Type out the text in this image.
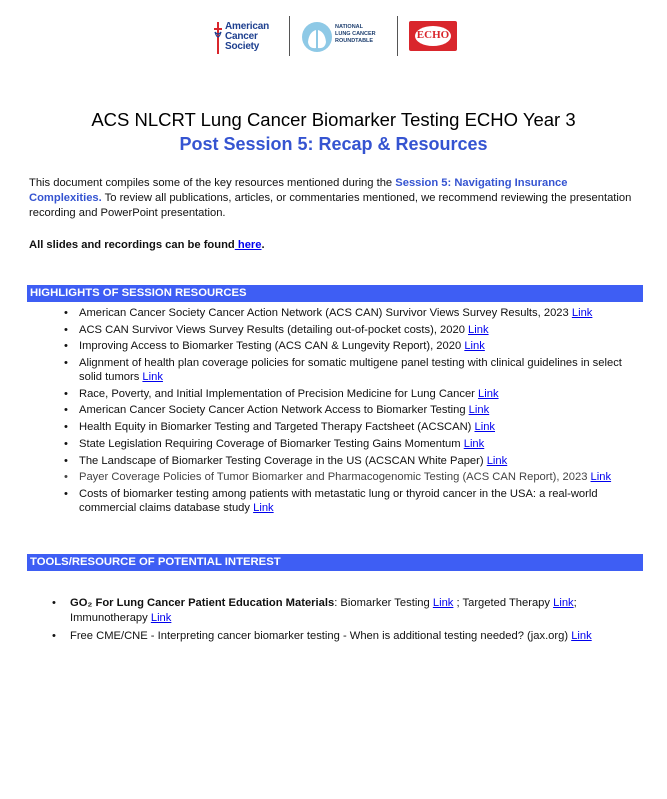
American
Cancer
Society
NATIONAL
LUNG CANCER
ROUNDTABLE	ECHO
ACS NLCRT Lung Cancer Biomarker Testing ECHO Year 3
Post Session 5: Recap & Resources
This document compiles some of the key resources mentioned during the Session 5: Navigating Insurance Complexities. To review all publications, articles, or commentaries mentioned, we recommend reviewing the presentation recording and PowerPoint presentation.
All slides and recordings can be found here.
HIGHLIGHTS OF SESSION RESOURCES
• American Cancer Society Cancer Action Network (ACS CAN) Survivor Views Survey Results, 2023 Link
• ACS CAN Survivor Views Survey Results (detailing out-of-pocket costs), 2020 Link
• Improving Access to Biomarker Testing (ACS CAN & Lungevity Report), 2020 Link
• Alignment of health plan coverage policies for somatic multigene panel testing with clinical guidelines in select solid tumors Link
• Race, Poverty, and Initial Implementation of Precision Medicine for Lung Cancer Link
• American Cancer Society Cancer Action Network Access to Biomarker Testing Link
• Health Equity in Biomarker Testing and Targeted Therapy Factsheet (ACSCAN) Link
• State Legislation Requiring Coverage of Biomarker Testing Gains Momentum Link
• The Landscape of Biomarker Testing Coverage in the US (ACSCAN White Paper) Link
• Payer Coverage Policies of Tumor Biomarker and Pharmacogenomic Testing (ACS CAN Report), 2023 Link
• Costs of biomarker testing among patients with metastatic lung or thyroid cancer in the USA: a real-world commercial claims database study Link
TOOLS/RESOURCE OF POTENTIAL INTEREST
• GO₂ For Lung Cancer Patient Education Materials: Biomarker Testing Link ; Targeted Therapy Link; Immunotherapy Link
• Free CME/CNE - Interpreting cancer biomarker testing - When is additional testing needed? (jax.org) Link
